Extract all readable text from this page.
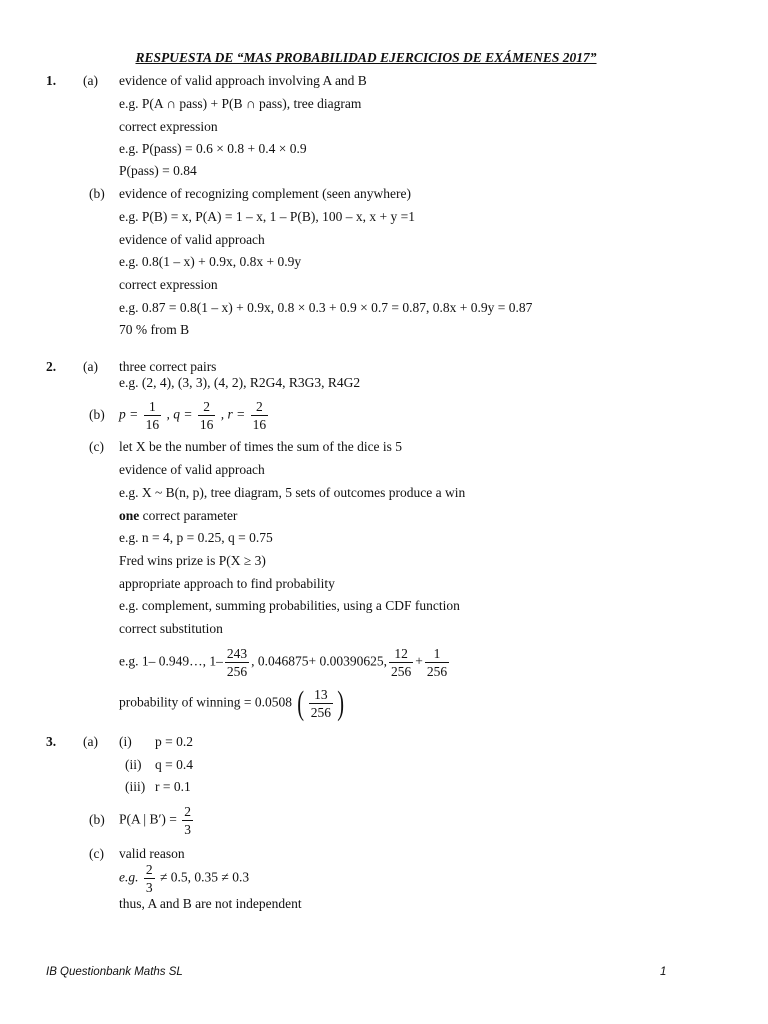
RESPUESTA DE “MAS PROBABILIDAD EJERCICIOS DE EXÁMENES 2017”
1. (a) evidence of valid approach involving A and B
e.g. P(A ∩ pass) + P(B ∩ pass), tree diagram
correct expression
e.g. P(pass) = 0.6 × 0.8 + 0.4 × 0.9
P(pass) = 0.84
(b) evidence of recognizing complement (seen anywhere)
e.g. P(B) = x, P(A) = 1 – x, 1 – P(B), 100 – x, x + y =1
evidence of valid approach
e.g. 0.8(1 – x) + 0.9x, 0.8x + 0.9y
correct expression
e.g. 0.87 = 0.8(1 – x) + 0.9x, 0.8 × 0.3 + 0.9 × 0.7 = 0.87, 0.8x + 0.9y = 0.87
70 % from B
2. (a) three correct pairs
e.g. (2, 4), (3, 3), (4, 2), R2G4, R3G3, R4G2
(b) $p = \frac{1}{16}$ , $q = \frac{2}{16}$ , $r = \frac{2}{16}$
(c) let X be the number of times the sum of the dice is 5
evidence of valid approach
e.g. X ~ B(n, p), tree diagram, 5 sets of outcomes produce a win
one correct parameter
e.g. n = 4, p = 0.25, q = 0.75
Fred wins prize is P(X ≥ 3)
appropriate approach to find probability
e.g. complement, summing probabilities, using a CDF function
correct substitution
e.g. 1– 0.949…, $1- \frac{243}{256}$ , 0.046875+ 0.00390625, $\frac{12}{256} + \frac{1}{256}$
probability of winning = 0.0508 ( $\frac{13}{256}$ )
3. (a) (i) p = 0.2
(ii) q = 0.4
(iii) r = 0.1
(b) P(A | $B') = \frac{2}{3}$
(c) valid reason
e.g. $\frac{2}{3} \ne 0.5$, 0.35 ≠ 0.3
thus, A and B are not independent
IB Questionbank Maths SL	1
